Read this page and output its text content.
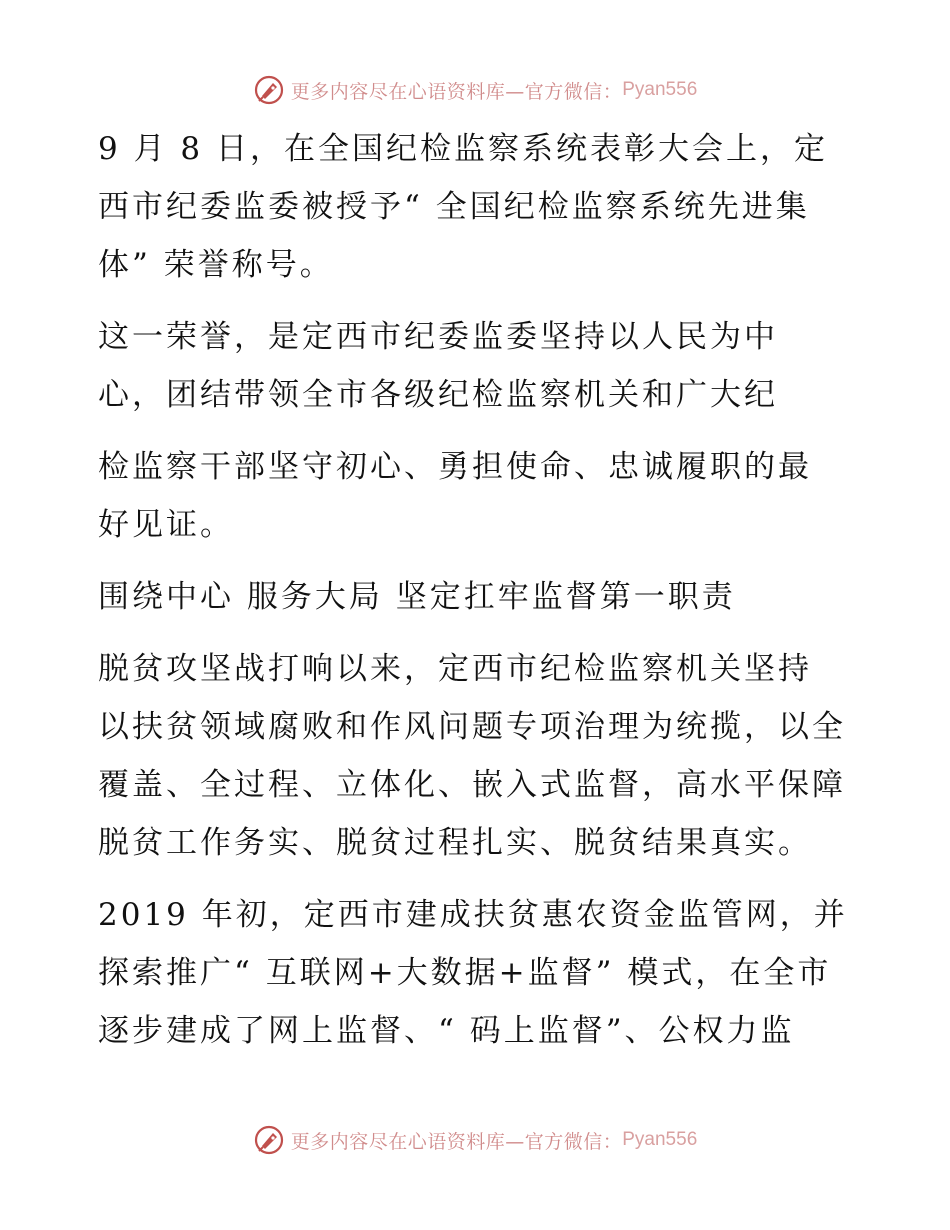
更多内容尽在心语资料库—官方微信： Pyan556
9 月 8 日，在全国纪检监察系统表彰大会上，定
西市纪委监委被授予“ 全国纪检监察系统先进集
体” 荣誉称号。
这一荣誉，是定西市纪委监委坚持以人民为中
心，团结带领全市各级纪检监察机关和广大纪
检监察干部坚守初心、勇担使命、忠诚履职的最
好见证。
围绕中心 服务大局 坚定扛牢监督第一职责
脱贫攻坚战打响以来，定西市纪检监察机关坚持
以扶贫领域腐败和作风问题专项治理为统揽，以全
覆盖、全过程、立体化、嵌入式监督，高水平保障
脱贫工作务实、脱贫过程扎实、脱贫结果真实。
2019 年初，定西市建成扶贫惠农资金监管网，并
探索推广“ 互联网+大数据+监督” 模式，在全市
逐步建成了网上监督、“ 码上监督”、公权力监
更多内容尽在心语资料库—官方微信： Pyan556
